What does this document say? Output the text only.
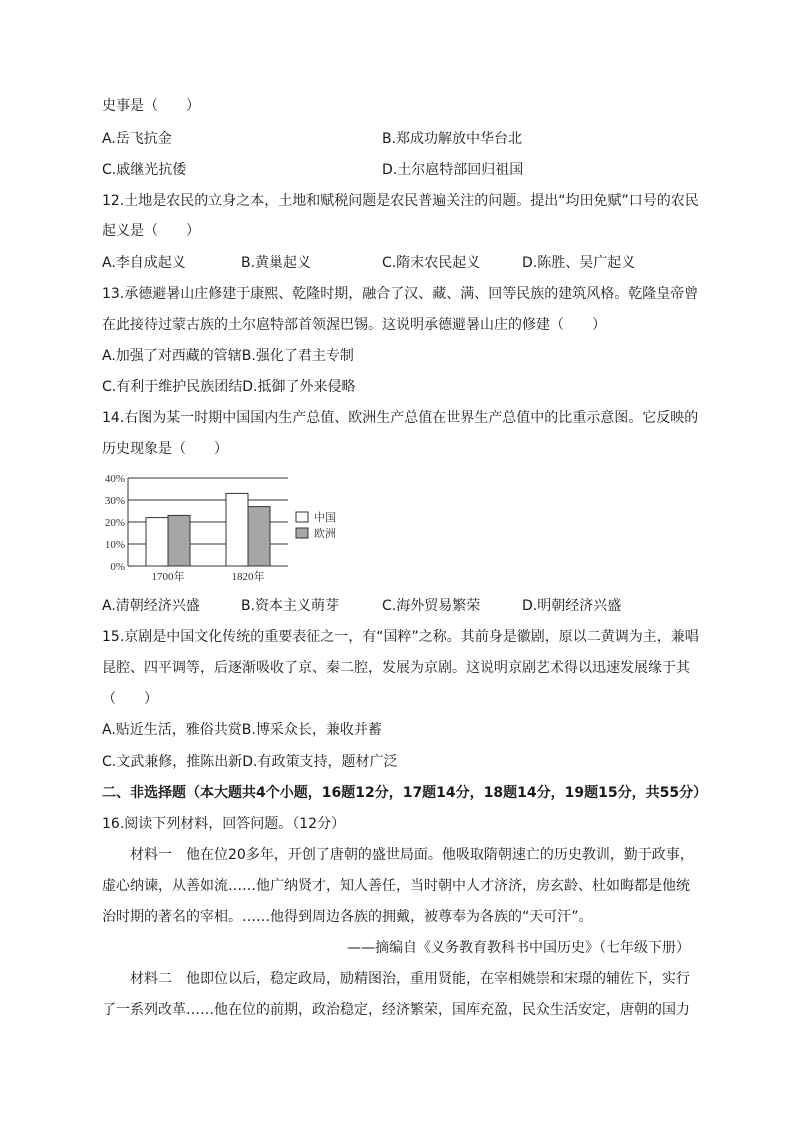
史事是（　　）
A.岳飞抗金	B.郑成功解放中华台北
C.戚继光抗倭	D.土尔扈特部回归祖国
12.土地是农民的立身之本，土地和赋税问题是农民普遍关注的问题。提出“均田免赋”口号的农民
起义是（　　）
A.李自成起义	B.黄巢起义	C.隋末农民起义	D.陈胜、吴广起义
13.承德避暑山庄修建于康熙、乾隆时期，融合了汉、藏、满、回等民族的建筑风格。乾隆皇帝曾
在此接待过蒙古族的土尔扈特部首领渥巴锡。这说明承德避暑山庄的修建（　　）
A.加强了对西藏的管辖B.强化了君主专制
C.有利于维护民族团结D.抵御了外来侵略
14.右图为某一时期中国国内生产总值、欧洲生产总值在世界生产总值中的比重示意图。它反映的
历史现象是（　　）
0%
10%
20%
30%
40%
1700年	1820年
中国
欧洲
A.清朝经济兴盛	B.资本主义萌芽	C.海外贸易繁荣	D.明朝经济兴盛
15.京剧是中国文化传统的重要表征之一，有“国粹”之称。其前身是徽剧，原以二黄调为主，兼唱
昆腔、四平调等，后逐渐吸收了京、秦二腔，发展为京剧。这说明京剧艺术得以迅速发展缘于其
（　　）
A.贴近生活，雅俗共赏B.博采众长，兼收并蓄
C.文武兼修，推陈出新D.有政策支持，题材广泛
二、非选择题（本大题共4个小题，16题12分，17题14分，18题14分，19题15分，共55分）
16.阅读下列材料，回答问题。（12分）
材料一　他在位20多年，开创了唐朝的盛世局面。他吸取隋朝速亡的历史教训，勤于政事，
虚心纳谏，从善如流……他广纳贤才，知人善任，当时朝中人才济济，房玄龄、杜如晦都是他统
治时期的著名的宰相。……他得到周边各族的拥戴，被尊奉为各族的“天可汗”。
——摘编自《义务教育教科书中国历史》（七年级下册）
材料二　他即位以后，稳定政局，励精图治，重用贤能，在宰相姚崇和宋璟的辅佐下，实行
了一系列改革……他在位的前期，政治稳定，经济繁荣，国库充盈，民众生活安定，唐朝的国力
